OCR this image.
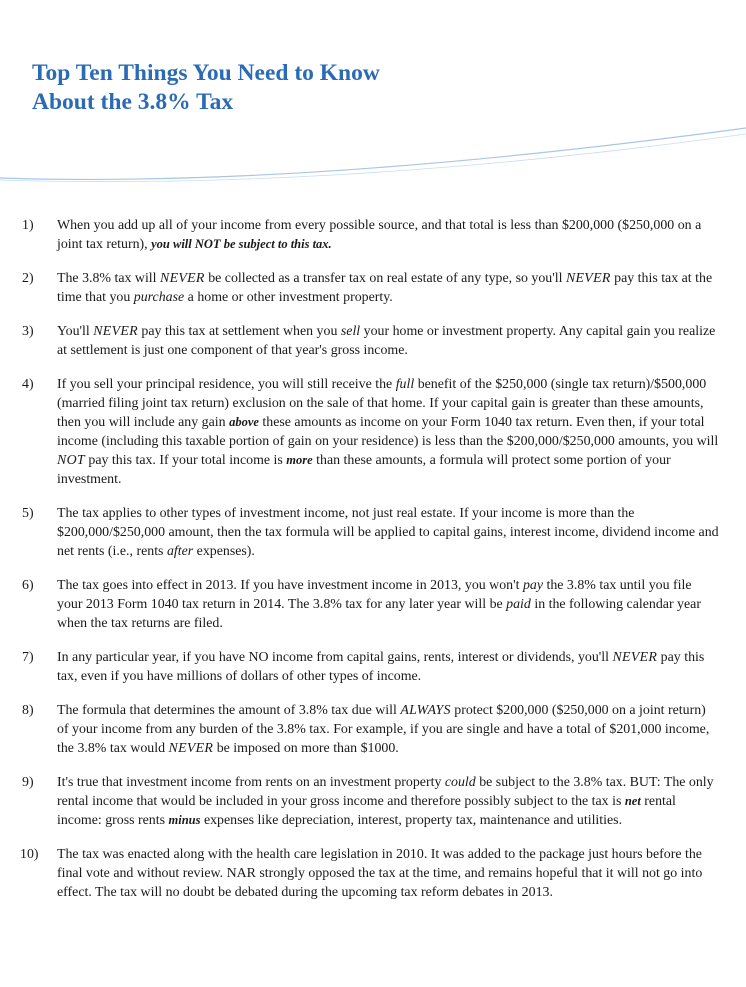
Top Ten Things You Need to Know
About the 3.8% Tax
1) When you add up all of your income from every possible source, and that total is less than $200,000 ($250,000 on a joint tax return), you will NOT be subject to this tax.

2) The 3.8% tax will NEVER be collected as a transfer tax on real estate of any type, so you'll NEVER pay this tax at the time that you purchase a home or other investment property.

3) You'll NEVER pay this tax at settlement when you sell your home or investment property. Any capital gain you realize at settlement is just one component of that year's gross income.

4) If you sell your principal residence, you will still receive the full benefit of the $250,000 (single tax return)/$500,000 (married filing joint tax return) exclusion on the sale of that home. If your capital gain is greater than these amounts, then you will include any gain above these amounts as income on your Form 1040 tax return. Even then, if your total income (including this taxable portion of gain on your residence) is less than the $200,000/$250,000 amounts, you will NOT pay this tax. If your total income is more than these amounts, a formula will protect some portion of your investment.

5) The tax applies to other types of investment income, not just real estate. If your income is more than the $200,000/$250,000 amount, then the tax formula will be applied to capital gains, interest income, dividend income and net rents (i.e., rents after expenses).

6) The tax goes into effect in 2013. If you have investment income in 2013, you won't pay the 3.8% tax until you file your 2013 Form 1040 tax return in 2014. The 3.8% tax for any later year will be paid in the following calendar year when the tax returns are filed.

7) In any particular year, if you have NO income from capital gains, rents, interest or dividends, you'll NEVER pay this tax, even if you have millions of dollars of other types of income.

8) The formula that determines the amount of 3.8% tax due will ALWAYS protect $200,000 ($250,000 on a joint return) of your income from any burden of the 3.8% tax. For example, if you are single and have a total of $201,000 income, the 3.8% tax would NEVER be imposed on more than $1000.

9) It's true that investment income from rents on an investment property could be subject to the 3.8% tax. BUT: The only rental income that would be included in your gross income and therefore possibly subject to the tax is net rental income: gross rents minus expenses like depreciation, interest, property tax, maintenance and utilities.

10) The tax was enacted along with the health care legislation in 2010. It was added to the package just hours before the final vote and without review. NAR strongly opposed the tax at the time, and remains hopeful that it will not go into effect. The tax will no doubt be debated during the upcoming tax reform debates in 2013.
